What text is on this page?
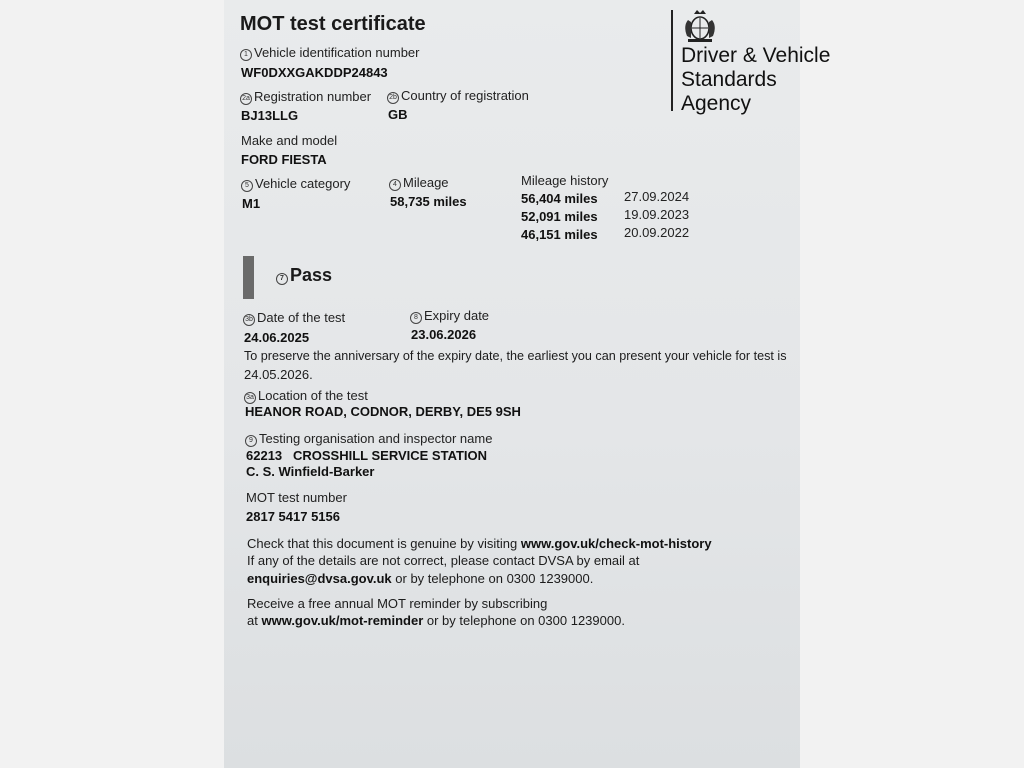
MOT test certificate
Driver & Vehicle
Standards
Agency
1 Vehicle identification number
WF0DXXGAKDDP24843
2a Registration number
BJ13LLG
2b Country of registration
GB
Make and model
FORD FIESTA
5 Vehicle category
M1
4 Mileage
58,735 miles
Mileage history
56,404 miles 27.09.2024
52,091 miles 19.09.2023
46,151 miles 20.09.2022
7 Pass
3b Date of the test
24.06.2025
8 Expiry date
23.06.2026
To preserve the anniversary of the expiry date, the earliest you can present your vehicle for test is
24.05.2026.
3a Location of the test
HEANOR ROAD, CODNOR, DERBY, DE5 9SH
9 Testing organisation and inspector name
62213   CROSSHILL SERVICE STATION
C. S. Winfield-Barker
MOT test number
2817 5417 5156
Check that this document is genuine by visiting www.gov.uk/check-mot-history
If any of the details are not correct, please contact DVSA by email at
enquiries@dvsa.gov.uk or by telephone on 0300 1239000.
Receive a free annual MOT reminder by subscribing
at www.gov.uk/mot-reminder or by telephone on 0300 1239000.
